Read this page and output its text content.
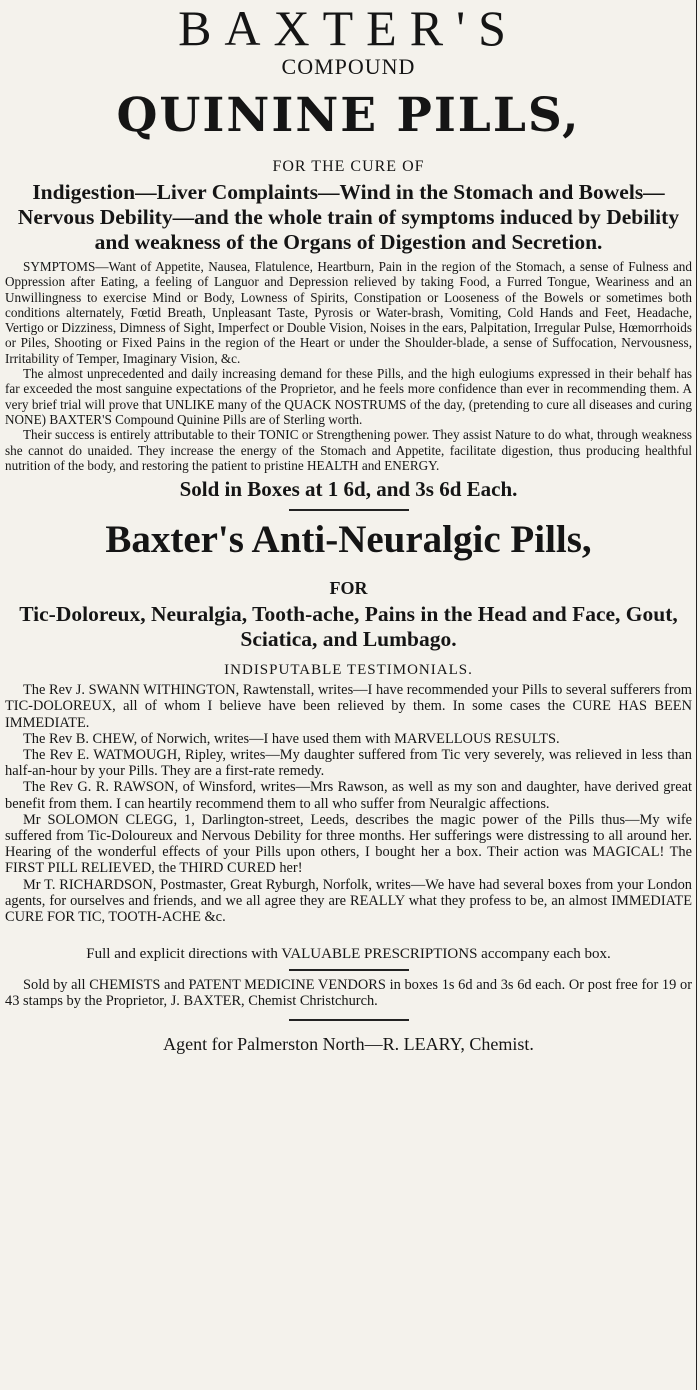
BAXTER'S
COMPOUND
QUININE PILLS,
FOR THE CURE OF
Indigestion—Liver Complaints—Wind in the Stomach and Bowels—Nervous Debility—and the whole train of symptoms induced by Debility and weakness of the Organs of Digestion and Secretion.

SYMPTOMS—Want of Appetite, Nausea, Flatulence, Heartburn, Pain in the region of the Stomach, a sense of Fulness and Oppression after Eating, a feeling of Languor and Depression relieved by taking Food, a Furred Tongue, Weariness and an Unwillingness to exercise Mind or Body, Lowness of Spirits, Constipation or Looseness of the Bowels or sometimes both conditions alternately, Fœtid Breath, Unpleasant Taste, Pyrosis or Water-brash, Vomiting, Cold Hands and Feet, Headache, Vertigo or Dizziness, Dimness of Sight, Imperfect or Double Vision, Noises in the ears, Palpitation, Irregular Pulse, Hœmorrhoids or Piles, Shooting or Fixed Pains in the region of the Heart or under the Shoulder-blade, a sense of Suffocation, Nervousness, Irritability of Temper, Imaginary Vision, &c.

The almost unprecedented and daily increasing demand for these Pills, and the high eulogiums expressed in their behalf has far exceeded the most sanguine expectations of the Proprietor, and he feels more confidence than ever in recommending them. A very brief trial will prove that UNLIKE many of the QUACK NOSTRUMS of the day, (pretending to cure all diseases and curing NONE) BAXTER'S Compound Quinine Pills are of Sterling worth.

Their success is entirely attributable to their TONIC or Strengthening power. They assist Nature to do what, through weakness she cannot do unaided. They increase the energy of the Stomach and Appetite, facilitate digestion, thus producing healthful nutrition of the body, and restoring the patient to pristine HEALTH and ENERGY.

Sold in Boxes at 1 6d, and 3s 6d Each.
Baxter's Anti-Neuralgic Pills,
FOR
Tic-Doloreux, Neuralgia, Tooth-ache, Pains in the Head and Face, Gout, Sciatica, and Lumbago.
INDISPUTABLE TESTIMONIALS.

The Rev J. SWANN WITHINGTON, Rawtenstall, writes—I have recommended your Pills to several sufferers from TIC-DOLOREUX, all of whom I believe have been relieved by them. In some cases the CURE HAS BEEN IMMEDIATE.

The Rev B. CHEW, of Norwich, writes—I have used them with MARVELLOUS RESULTS.

The Rev E. WATMOUGH, Ripley, writes—My daughter suffered from Tic very severely, was relieved in less than half-an-hour by your Pills. They are a first-rate remedy.

The Rev G. R. RAWSON, of Winsford, writes—Mrs Rawson, as well as my son and daughter, have derived great benefit from them. I can heartily recommend them to all who suffer from Neuralgic affections.

Mr SOLOMON CLEGG, 1, Darlington-street, Leeds, describes the magic power of the Pills thus—My wife suffered from Tic-Doloureux and Nervous Debility for three months. Her sufferings were distressing to all around her. Hearing of the wonderful effects of your Pills upon others, I bought her a box. Their action was MAGICAL! The FIRST PILL RELIEVED, the THIRD CURED her!

Mr T. RICHARDSON, Postmaster, Great Ryburgh, Norfolk, writes—We have had several boxes from your London agents, for ourselves and friends, and we all agree they are REALLY what they profess to be, an almost IMMEDIATE CURE FOR TIC, TOOTH-ACHE &c.

Full and explicit directions with VALUABLE PRESCRIPTIONS accompany each box.

Sold by all CHEMISTS and PATENT MEDICINE VENDORS in boxes 1s 6d and 3s 6d each. Or post free for 19 or 43 stamps by the Proprietor, J. BAXTER, Chemist Christchurch.

Agent for Palmerston North—R. LEARY, Chemist.
